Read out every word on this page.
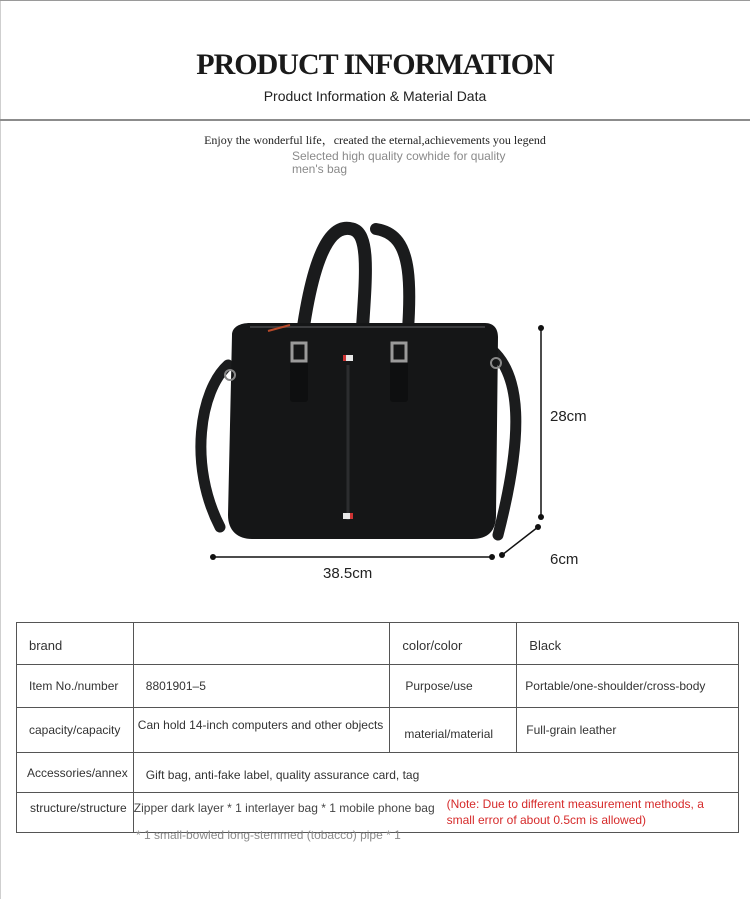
PRODUCT INFORMATION
Product Information & Material Data
Enjoy the wonderful life，created the eternal,achievements you legend
Selected high quality cowhide for quality men's bag
28cm
38.5cm
6cm
brand		color/color	Black
Item No./number	8801901–5	Purpose/use	Portable/one-shoulder/cross-body
capacity/capacity	Can hold 14-inch computers and other objects	material/material	Full-grain leather
Accessories/annex	Gift bag, anti-fake label, quality assurance card, tag		
structure/structure	Zipper dark layer * 1 interlayer bag * 1 mobile phone bag (Note: Due to different measurement methods, a small error of about 0.5cm is allowed)		
* 1 small-bowled long-stemmed (tobacco) pipe * 1
